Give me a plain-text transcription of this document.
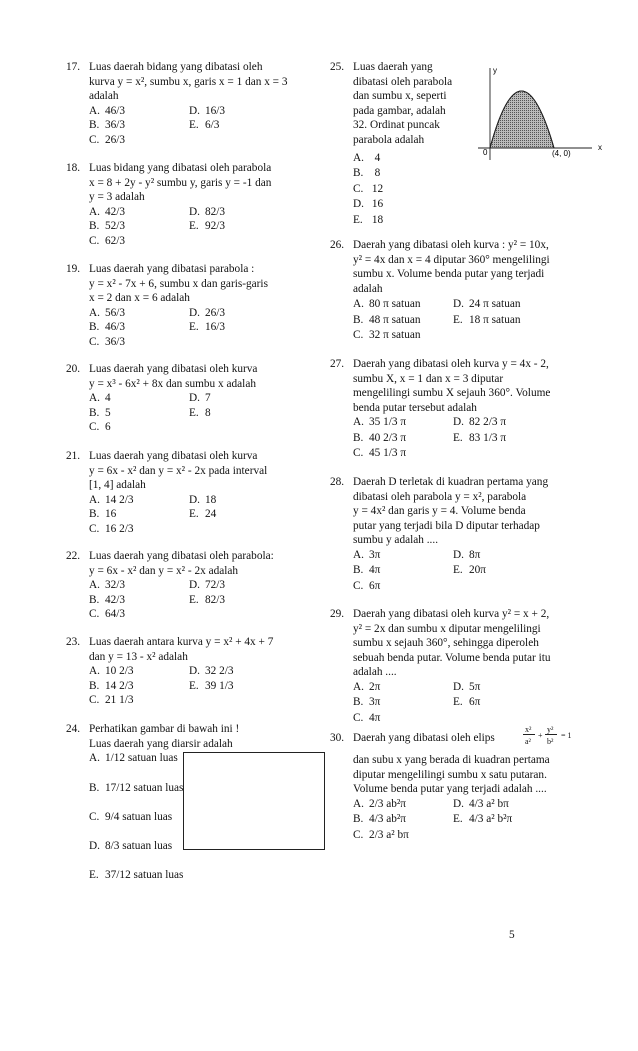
17. Luas daerah bidang yang dibatasi oleh

kurva y = x², sumbu x, garis x = 1 dan x = 3

adalah

A. 46/3	D. 16/3
B. 36/3	E. 6/3
C. 26/3
18. Luas bidang yang dibatasi oleh parabola

x = 8 + 2y - y² sumbu y, garis y = -1 dan

y = 3 adalah

A. 42/3	D. 82/3
B. 52/3	E. 92/3
C. 62/3
19. Luas daerah yang dibatasi parabola :

y = x² - 7x + 6, sumbu x dan garis-garis

x = 2 dan x = 6 adalah

A. 56/3	D. 26/3
B. 46/3	E. 16/3
C. 36/3
20. Luas daerah yang dibatasi oleh kurva

y = x³ - 6x² + 8x dan sumbu x adalah

A. 4	D. 7
B. 5	E. 8
C. 6
21. Luas daerah yang dibatasi oleh kurva

y = 6x - x² dan y = x² - 2x pada interval

[1, 4] adalah

A. 14 2/3	D. 18
B. 16	E. 24
C. 16 2/3
22. Luas daerah yang dibatasi oleh parabola:

y = 6x - x² dan y = x² - 2x adalah

A. 32/3	D. 72/3
B. 42/3	E. 82/3
C. 64/3
23. Luas daerah antara kurva y = x² + 4x + 7

dan y = 13 - x² adalah

A. 10 2/3	D. 32 2/3
B. 14 2/3	E. 39 1/3
C. 21 1/3
24. Perhatikan gambar di bawah ini !

Luas daerah yang diarsir adalah

A. 1/12 satuan luas
B. 17/12 satuan luas
C. 9/4 satuan luas
D. 8/3 satuan luas
E. 37/12 satuan luas
25. Luas daerah yang

dibatasi oleh parabola

dan sumbu x, seperti

pada gambar, adalah

32. Ordinat puncak

parabola adalah

A. 4
B. 8
C. 12
D. 16
E. 18
y
x
0	(4, 0)
26. Daerah yang dibatasi oleh kurva : y² = 10x,

y² = 4x dan x = 4 diputar 360° mengelilingi

sumbu x. Volume benda putar yang terjadi

adalah

A. 80 π satuan	D. 24 π satuan
B. 48 π satuan	E. 18 π satuan
C. 32 π satuan
27. Daerah yang dibatasi oleh kurva y = 4x - 2,

sumbu X, x = 1 dan x = 3 diputar

mengelilingi sumbu X sejauh 360°. Volume

benda putar tersebut adalah

A. 35 1/3 π	D. 82 2/3 π
B. 40 2/3 π	E. 83 1/3 π
C. 45 1/3 π
28. Daerah D terletak di kuadran pertama yang

dibatasi oleh parabola y = x², parabola

y = 4x² dan garis y = 4. Volume benda

putar yang terjadi bila D diputar terhadap

sumbu y adalah ....

A. 3π	D. 8π
B. 4π	E. 20π
C. 6π
29. Daerah yang dibatasi oleh kurva y² = x + 2,

y² = 2x dan sumbu x diputar mengelilingi

sumbu x sejauh 360°, sehingga diperoleh

sebuah benda putar. Volume benda putar itu

adalah ....

A. 2π	D. 5π
B. 3π	E. 6π
C. 4π
30. Daerah yang dibatasi oleh elips
x²
a²
+
y²
b²
= 1

dan subu x yang berada di kuadran pertama

diputar mengelilingi sumbu x satu putaran.

Volume benda putar yang terjadi adalah ....

A. 2/3 ab²π	D. 4/3 a² bπ
B. 4/3 ab²π	E. 4/3 a² b²π
C. 2/3 a² bπ
5
